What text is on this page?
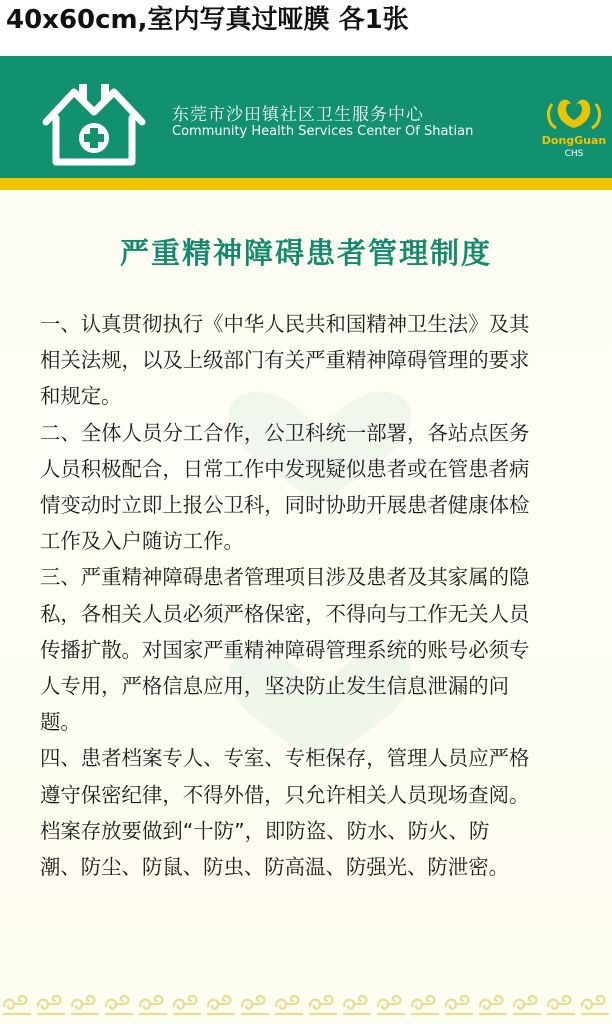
40x60cm,室内写真过哑膜 各1张
东莞市沙田镇社区卫生服务中心
Community Health Services Center Of Shatian
DongGuan
CHS
严重精神障碍患者管理制度

一、认真贯彻执行《中华人民共和国精神卫生法》及其

相关法规，以及上级部门有关严重精神障碍管理的要求

和规定。

二、全体人员分工合作，公卫科统一部署，各站点医务

人员积极配合，日常工作中发现疑似患者或在管患者病

情变动时立即上报公卫科，同时协助开展患者健康体检

工作及入户随访工作。

三、严重精神障碍患者管理项目涉及患者及其家属的隐

私，各相关人员必须严格保密，不得向与工作无关人员

传播扩散。对国家严重精神障碍管理系统的账号必须专

人专用，严格信息应用，坚决防止发生信息泄漏的问

题。

四、患者档案专人、专室、专柜保存，管理人员应严格

遵守保密纪律，不得外借，只允许相关人员现场查阅。

档案存放要做到“十防”，即防盗、防水、防火、防

潮、防尘、防鼠、防虫、防高温、防强光、防泄密。
